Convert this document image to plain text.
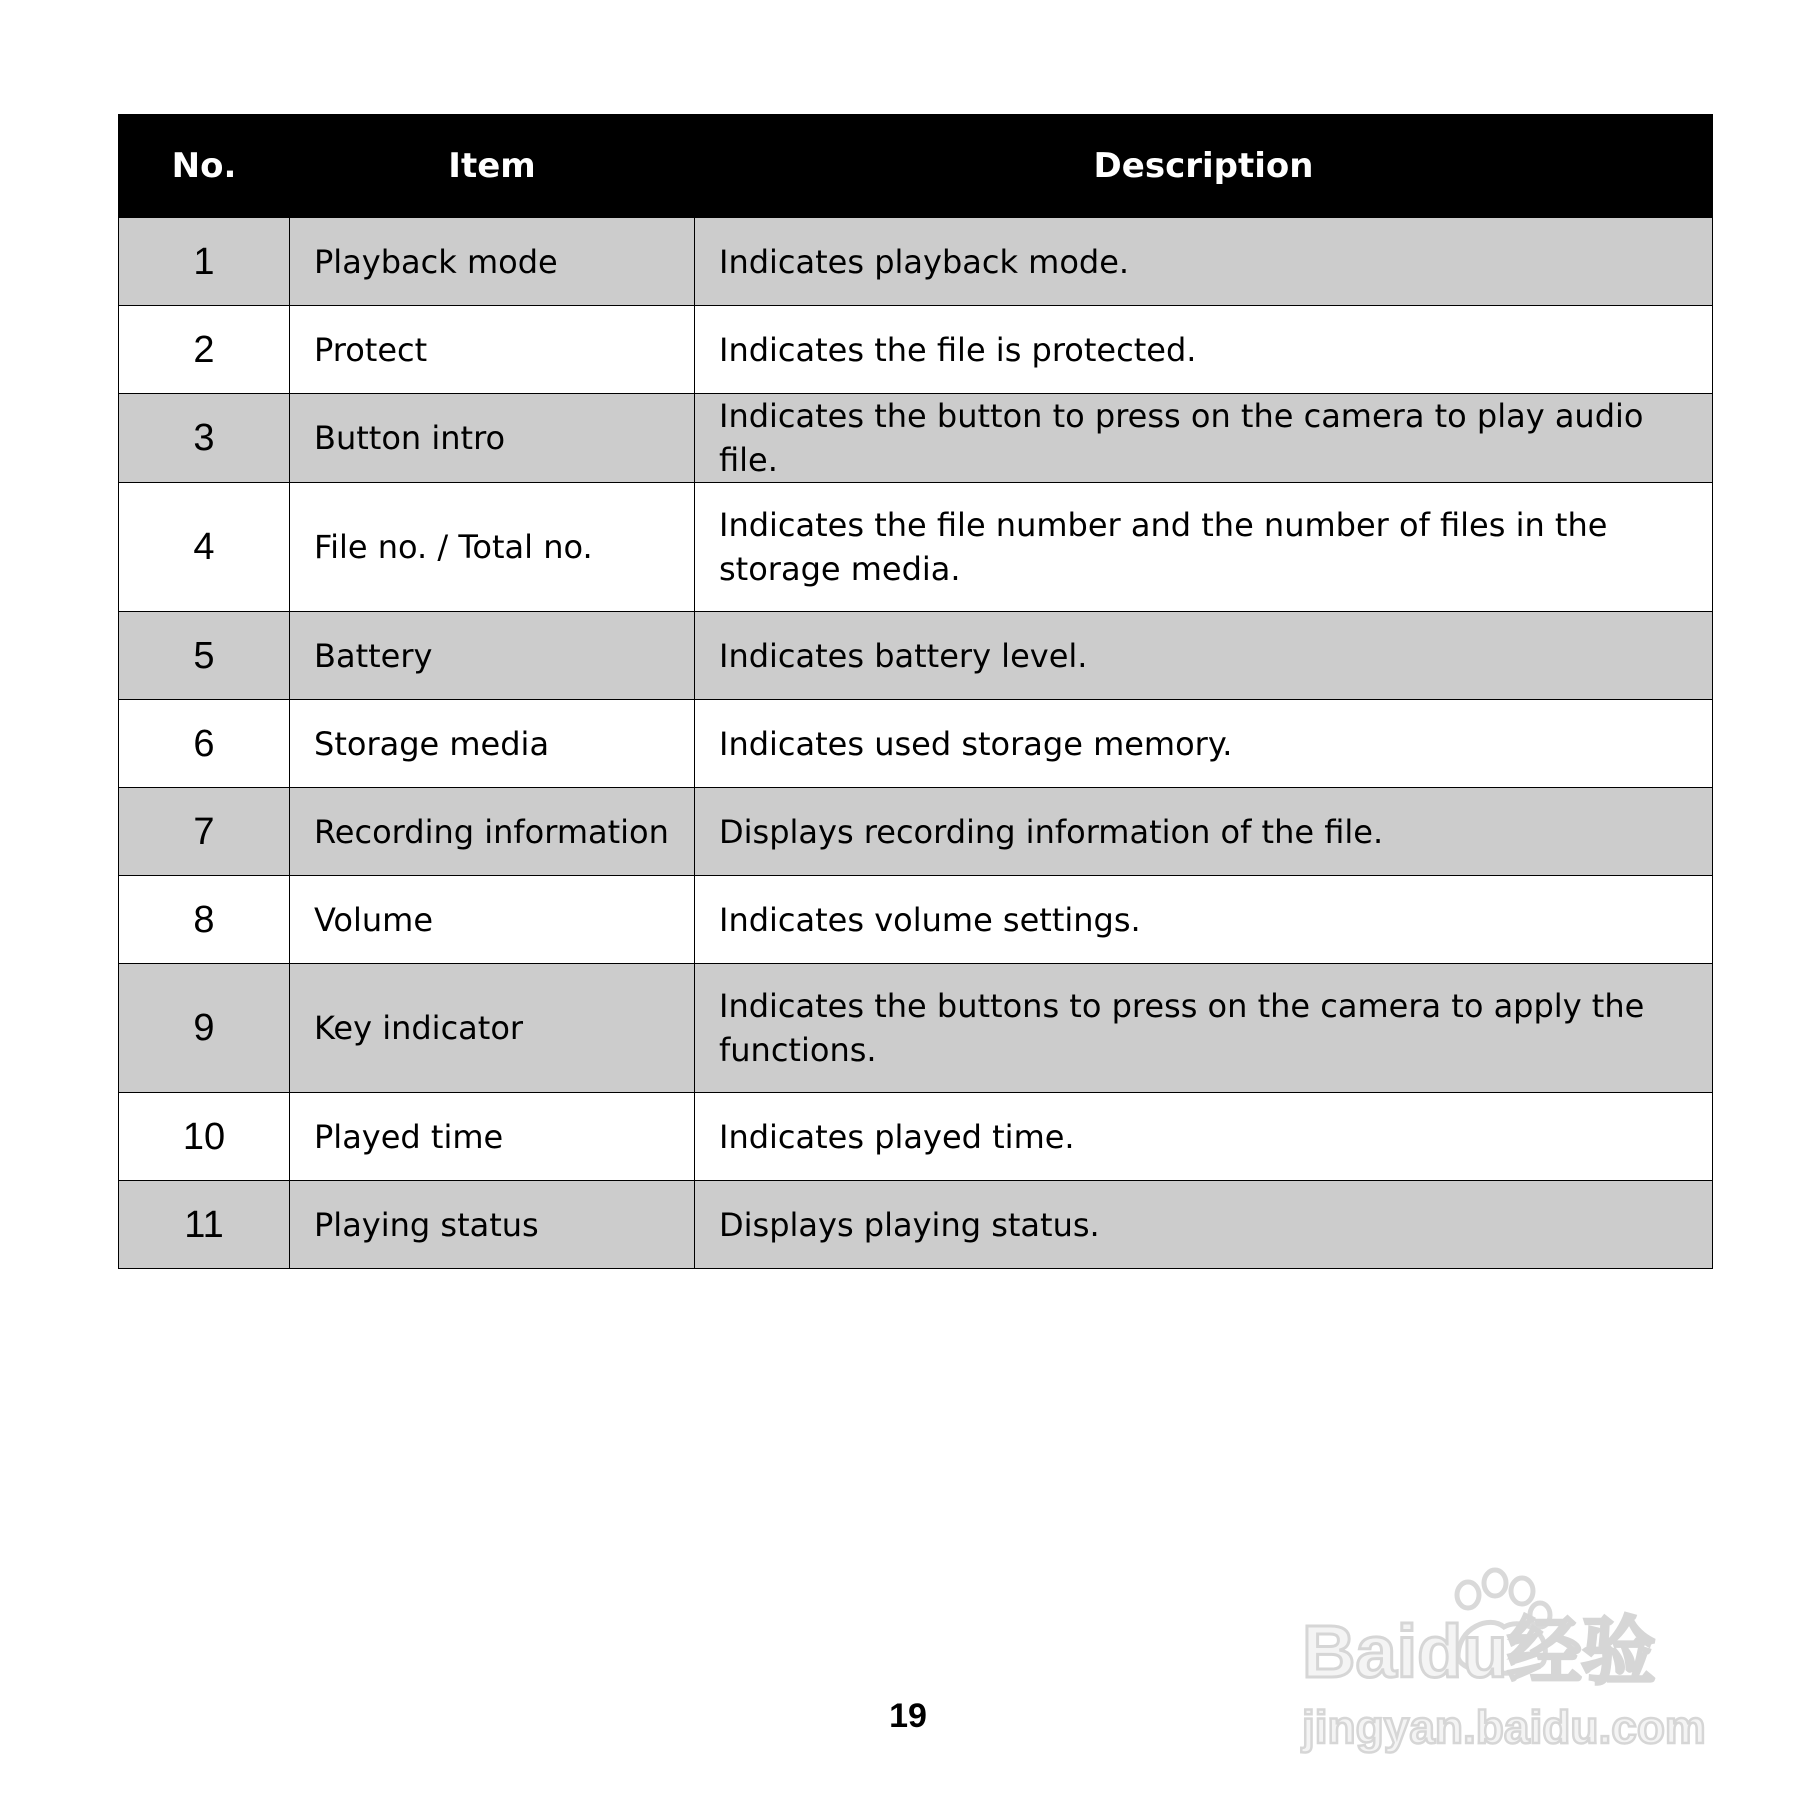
No.	Item	Description
1	Playback mode	Indicates playback mode.
2	Protect	Indicates the file is protected.
3	Button intro	Indicates the button to press on the camera to play audio file.
4	File no. / Total no.	Indicates the file number and the number of files in the storage media.
5	Battery	Indicates battery level.
6	Storage media	Indicates used storage memory.
7	Recording information	Displays recording information of the file.
8	Volume	Indicates volume settings.
9	Key indicator	Indicates the buttons to press on the camera to apply the functions.
10	Played time	Indicates played time.
11	Playing status	Displays playing status.
19
Baidu经验
jingyan.baidu.com
